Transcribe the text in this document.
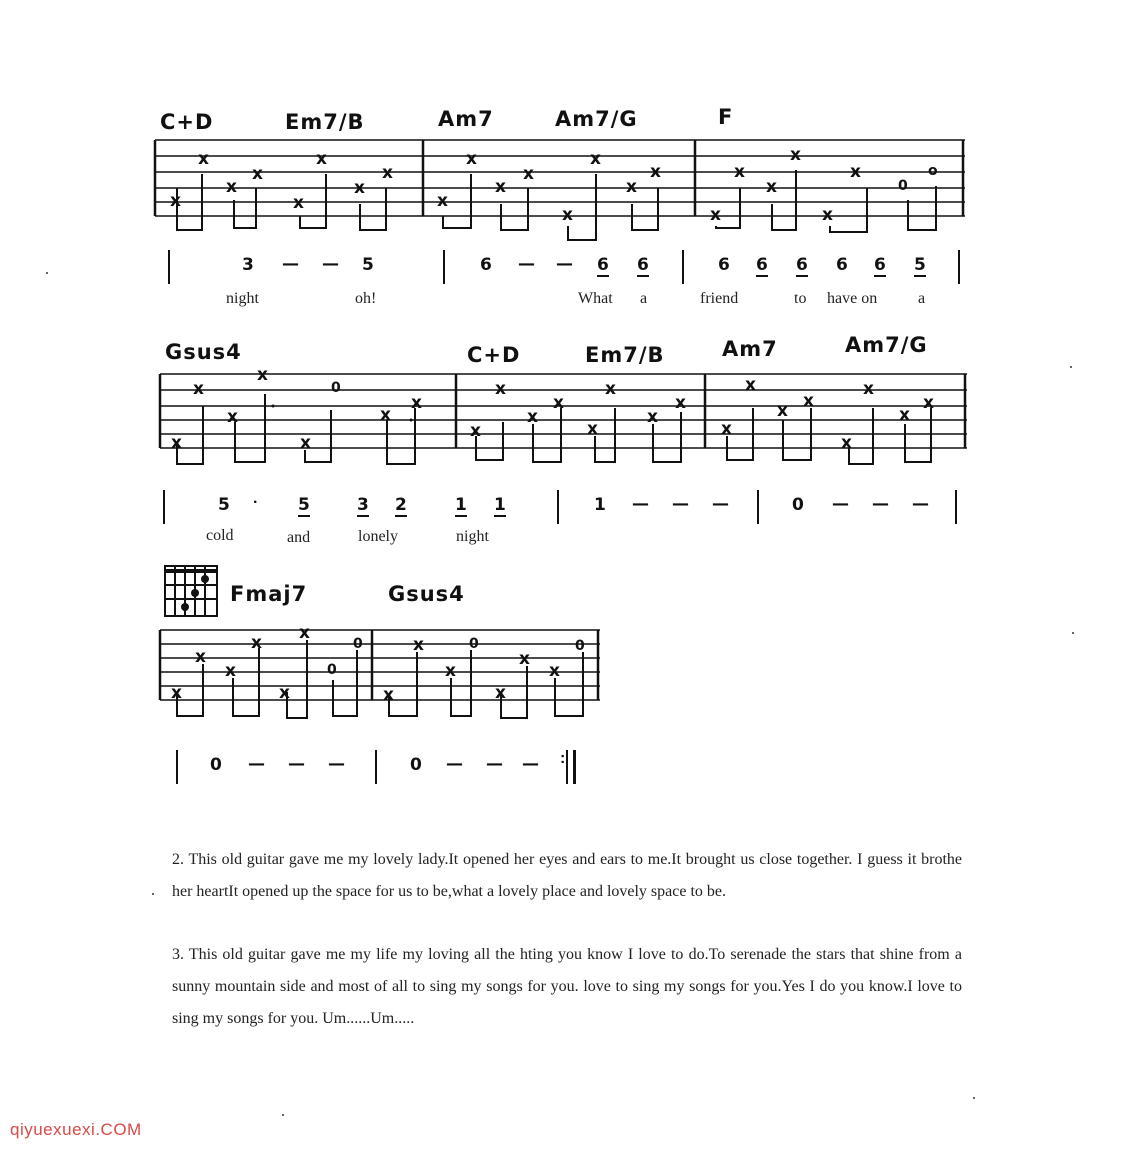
C+D	Em7/B	Am7	Am7/G	F
x
x
x
x
x
x
x
x
x
x
x
x
x
x
x
x
x
x
x
x
x
x
0
o
3 — — 5	6 — — 6 6	6 6 6 6 6 5
night	oh!	What a	friend	to have on	a
Gsus4	C+D	Em7/B	Am7	Am7/G
x
x
x
x
x
0
x
x
x
x
x
x
x
x
x
x
x
x
x x
x
x
x
x
5 · 5	3 2	1 1	1 — — —	0 — — —
cold	and	lonely	night
Fmaj7	Gsus4
x
x
x
x
x
x
0
0
x
x
x
0
x
x
x
0
0 — — —	0 — — — :
2. This old guitar gave me my lovely lady.It opened her eyes and ears to me.It brought us close together. I guess it brothe her heartIt opened up the space for us to be,what a lovely place and lovely space to be.
3. This old guitar gave me my life my loving all the hting you know I love to do.To serenade the stars that shine from a sunny mountain side and most of all to sing my songs for you. love to sing my songs for you.Yes I do you know.I love to sing my songs for you. Um......Um.....
qiyuexuexi.COM
